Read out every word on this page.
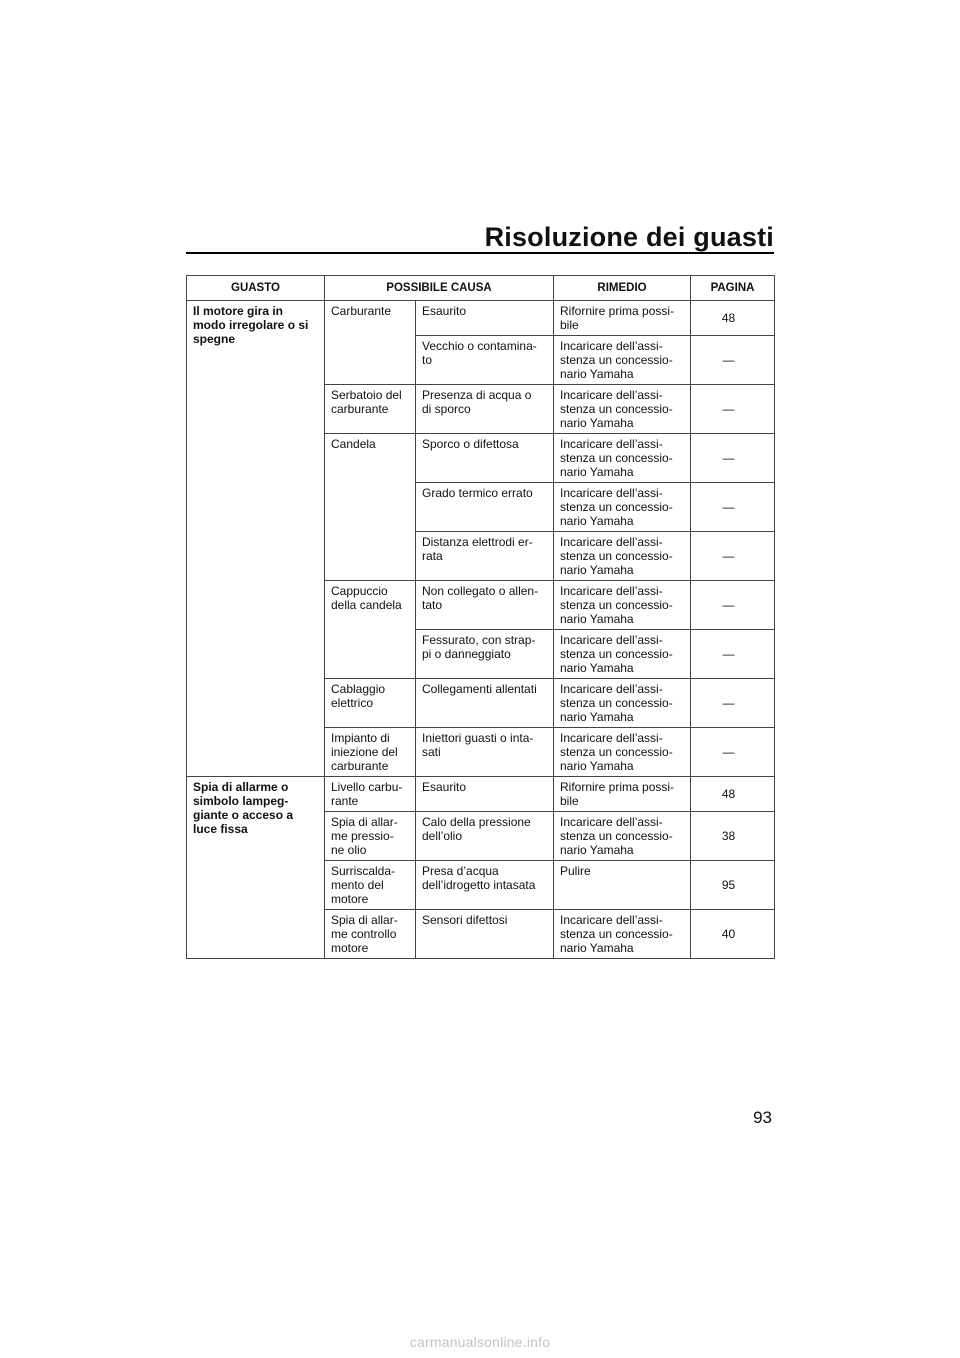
Risoluzione dei guasti
GUASTO	POSSIBILE CAUSA		RIMEDIO	PAGINA
Il motore gira in modo irregolare o si spegne	Carburante	Esaurito	Rifornire prima possi-
bile	48
		Vecchio o contamina-
to	Incaricare dell’assi-
stenza un concessio-
nario Yamaha	—
	Serbatoio del
carburante	Presenza di acqua o
di sporco	Incaricare dell’assi-
stenza un concessio-
nario Yamaha	—
	Candela	Sporco o difettosa	Incaricare dell’assi-
stenza un concessio-
nario Yamaha	—
		Grado termico errato	Incaricare dell’assi-
stenza un concessio-
nario Yamaha	—
		Distanza elettrodi er-
rata	Incaricare dell’assi-
stenza un concessio-
nario Yamaha	—
	Cappuccio
della candela	Non collegato o allen-
tato	Incaricare dell’assi-
stenza un concessio-
nario Yamaha	—
		Fessurato, con strap-
pi o danneggiato	Incaricare dell’assi-
stenza un concessio-
nario Yamaha	—
	Cablaggio
elettrico	Collegamenti allentati	Incaricare dell’assi-
stenza un concessio-
nario Yamaha	—
	Impianto di
iniezione del
carburante	Iniettori guasti o inta-
sati	Incaricare dell’assi-
stenza un concessio-
nario Yamaha	—
Spia di allarme o simbolo lampeg-giante o acceso a luce fissa	Livello carbu-
rante	Esaurito	Rifornire prima possi-
bile	48
	Spia di allar-
me pressio-
ne olio	Calo della pressione
dell’olio	Incaricare dell’assi-
stenza un concessio-
nario Yamaha	38
	Surriscalda-
mento del
motore	Presa d’acqua
dell’idrogetto intasata	Pulire	95
	Spia di allar-
me controllo
motore	Sensori difettosi	Incaricare dell’assi-
stenza un concessio-
nario Yamaha	40
93
carmanualsonline.info
